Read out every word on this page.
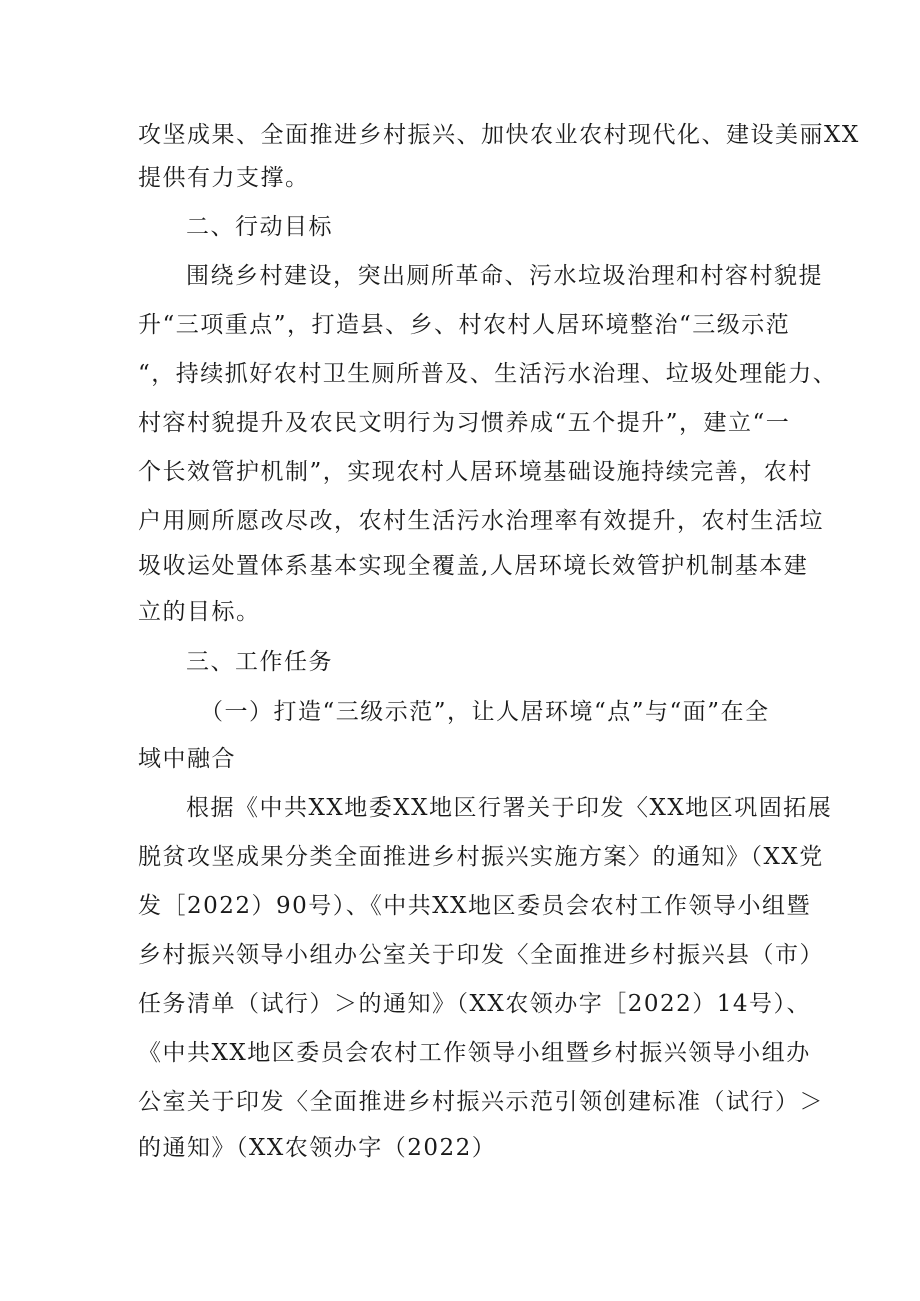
攻坚成果、全面推进乡村振兴、加快农业农村现代化、建设美丽XX
提供有力支撑。
二、行动目标
围绕乡村建设，突出厕所革命、污水垃圾治理和村容村貌提
升“三项重点”，打造县、乡、村农村人居环境整治“三级示范
“，持续抓好农村卫生厕所普及、生活污水治理、垃圾处理能力、
村容村貌提升及农民文明行为习惯养成“五个提升”，建立“一
个长效管护机制”，实现农村人居环境基础设施持续完善，农村
户用厕所愿改尽改，农村生活污水治理率有效提升，农村生活垃
圾收运处置体系基本实现全覆盖,人居环境长效管护机制基本建
立的目标。
三、工作任务
（一）打造“三级示范”，让人居环境“点”与“面”在全
域中融合
根据《中共XX地委XX地区行署关于印发〈XX地区巩固拓展
脱贫攻坚成果分类全面推进乡村振兴实施方案〉的通知》（XX党
发［2022）90号）、《中共XX地区委员会农村工作领导小组暨
乡村振兴领导小组办公室关于印发〈全面推进乡村振兴县（市）
任务清单（试行）＞的通知》（XX农领办字［2022）14号）、
《中共XX地区委员会农村工作领导小组暨乡村振兴领导小组办
公室关于印发〈全面推进乡村振兴示范引领创建标准（试行）＞
的通知》（XX农领办字（2022）
